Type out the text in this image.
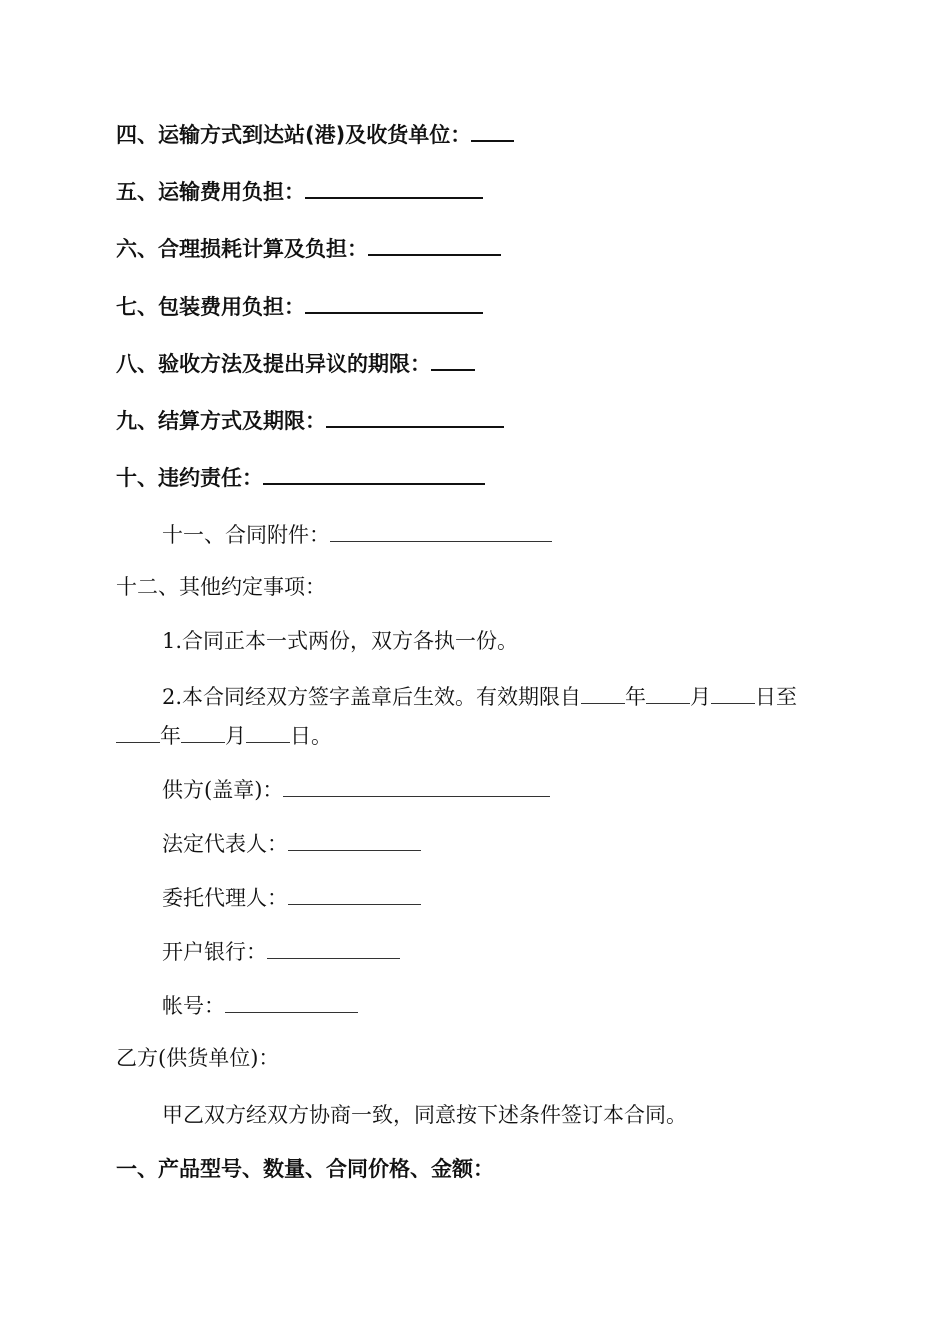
四、运输方式到达站(港)及收货单位：
五、运输费用负担：
六、合理损耗计算及负担：
七、包装费用负担：
八、验收方法及提出异议的期限：
九、结算方式及期限：
十、违约责任：
十一、合同附件：
十二、其他约定事项：
1.合同正本一式两份，双方各执一份。
2.本合同经双方签字盖章后生效。有效期限自 年 月 日至
年 月 日。
供方(盖章)：
法定代表人：
委托代理人：
开户银行：
帐号：
乙方(供货单位)：
甲乙双方经双方协商一致，同意按下述条件签订本合同。
一、产品型号、数量、合同价格、金额：
